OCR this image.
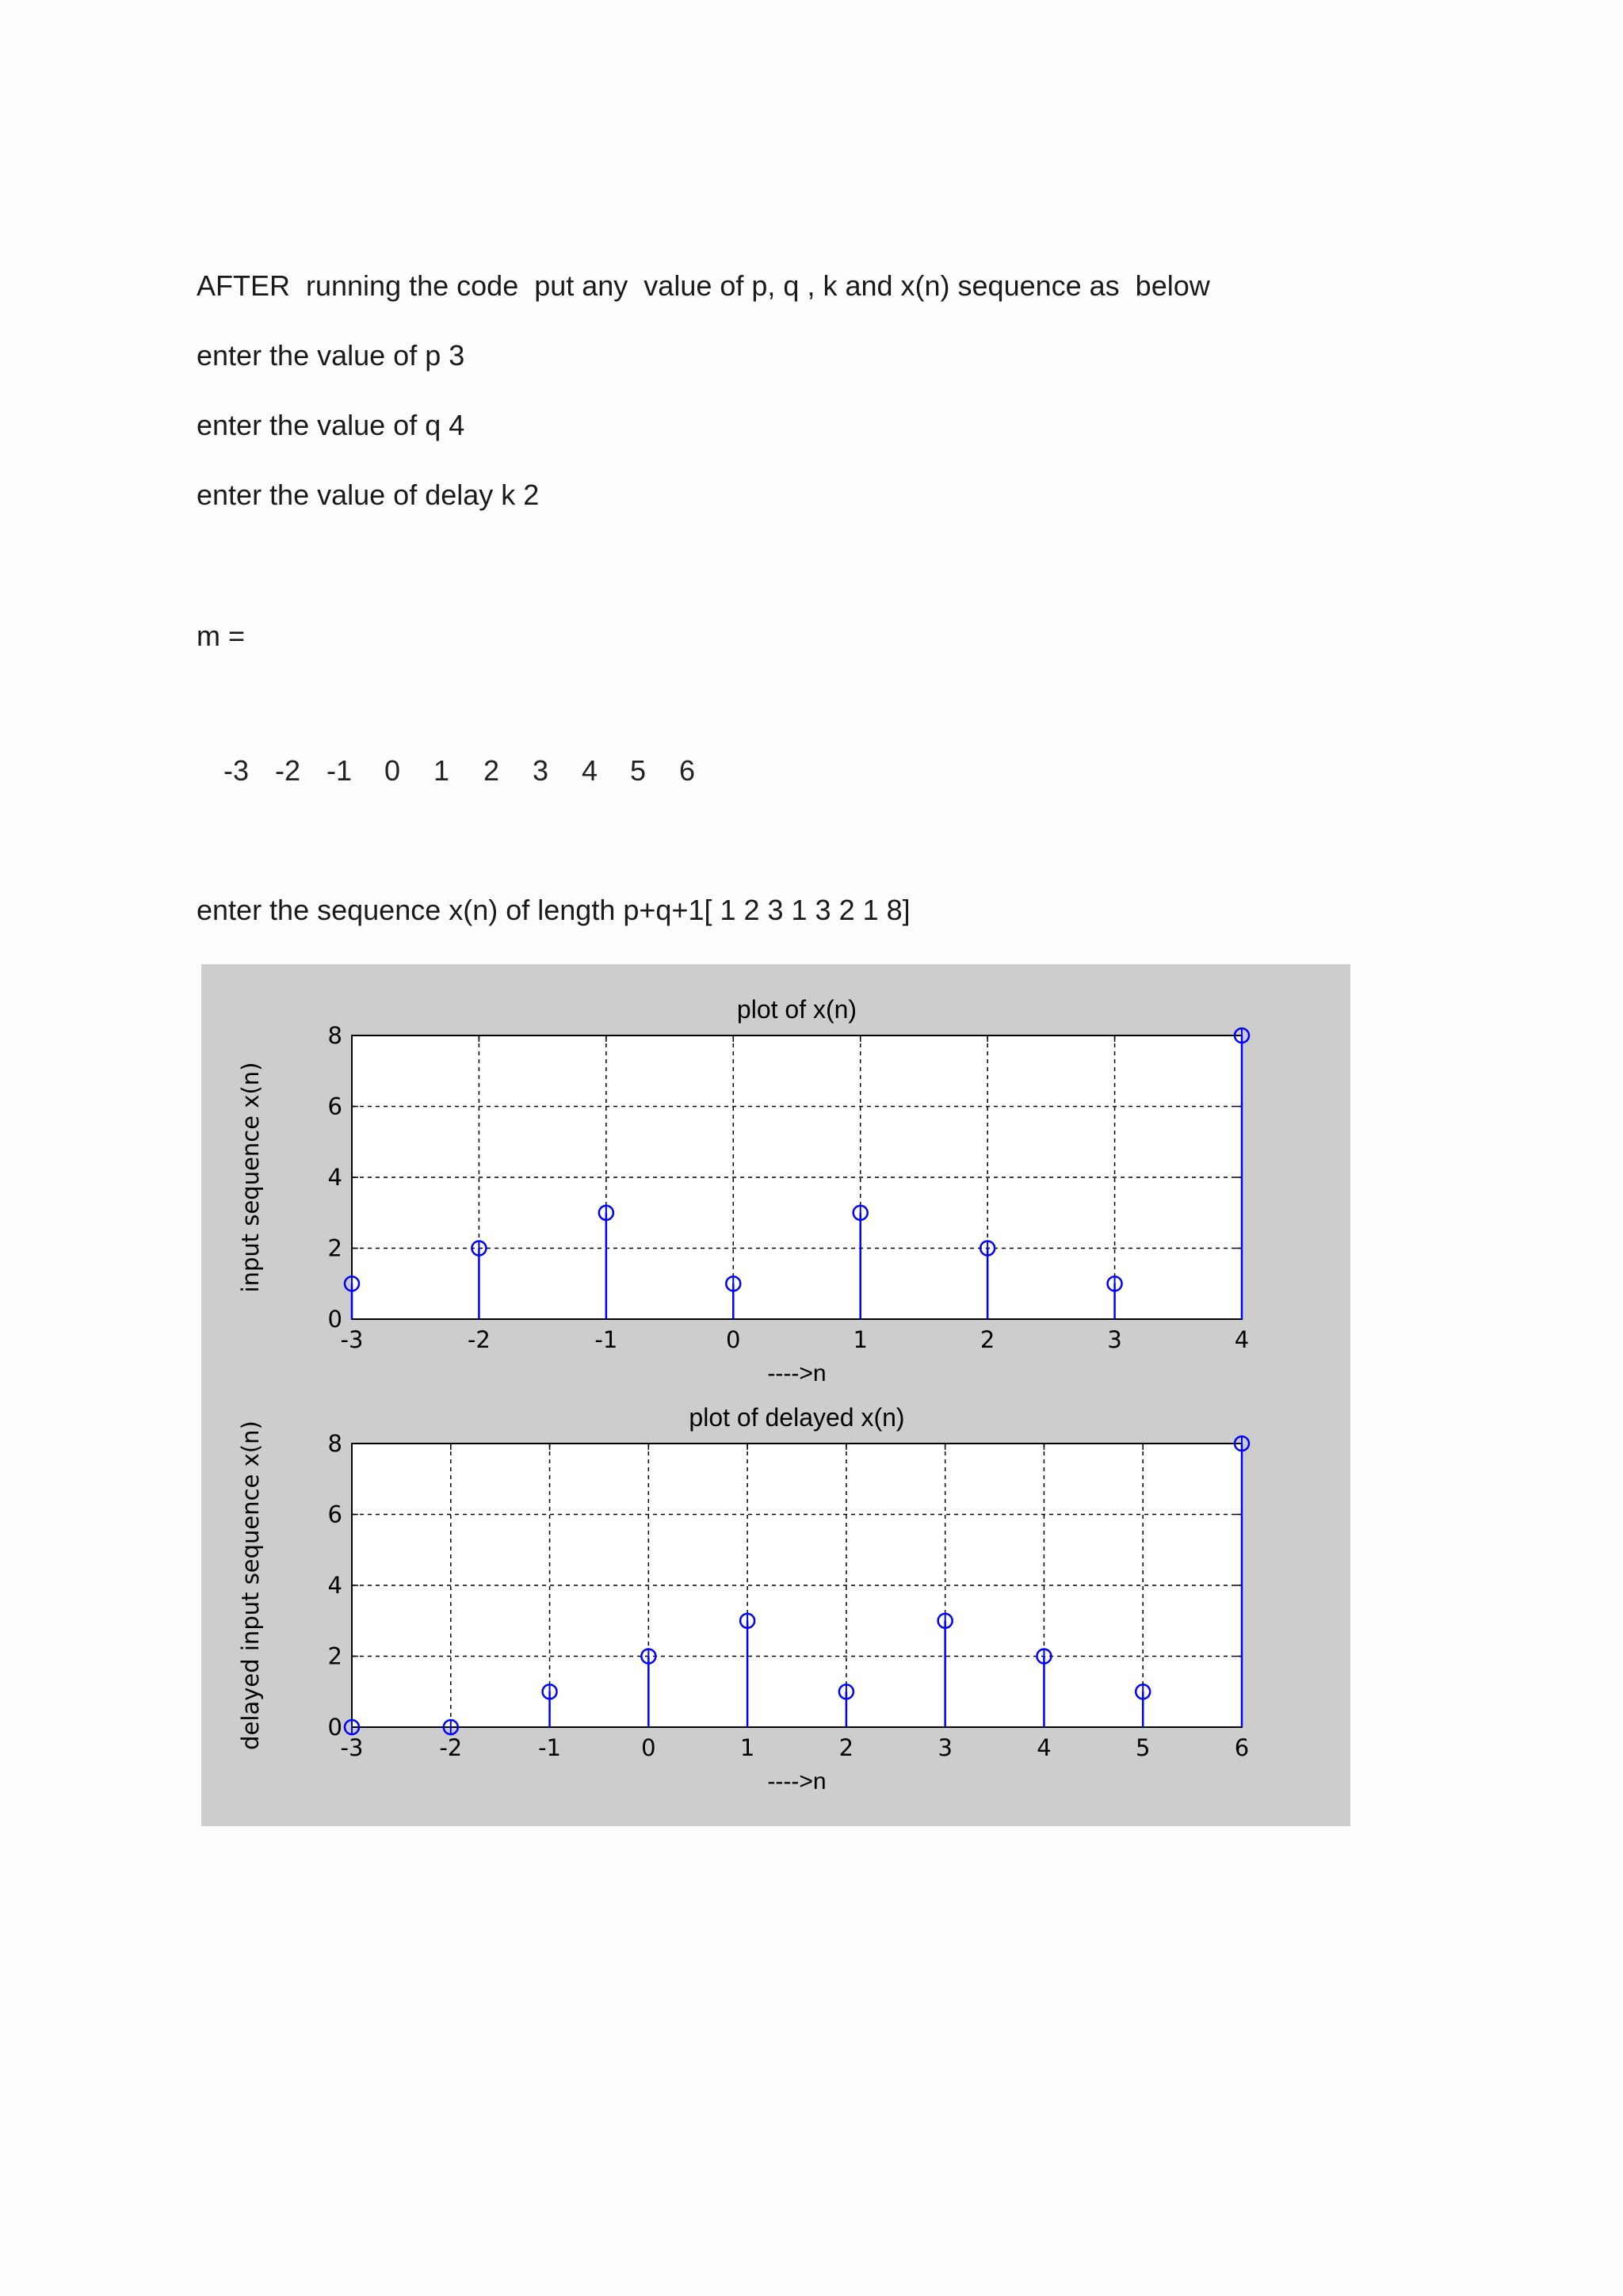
AFTER  running the code  put any  value of p, q , k and x(n) sequence as  below

enter the value of p 3

enter the value of q 4

enter the value of delay k 2

m =

-3 -2 -1 0 1 2 3 4 5 6

enter the sequence x(n) of length p+q+1[ 1 2 3 1 3 2 1 8]

-3	-2	-1	0	1	2	3	4
0
2
4
6
8
plot of x(n)
---->n
input sequence x(n)
-3	-2	-1	0	1	2	3	4	5	6
0
2
4
6
8
plot of delayed x(n)
---->n
delayed input sequence x(n)
